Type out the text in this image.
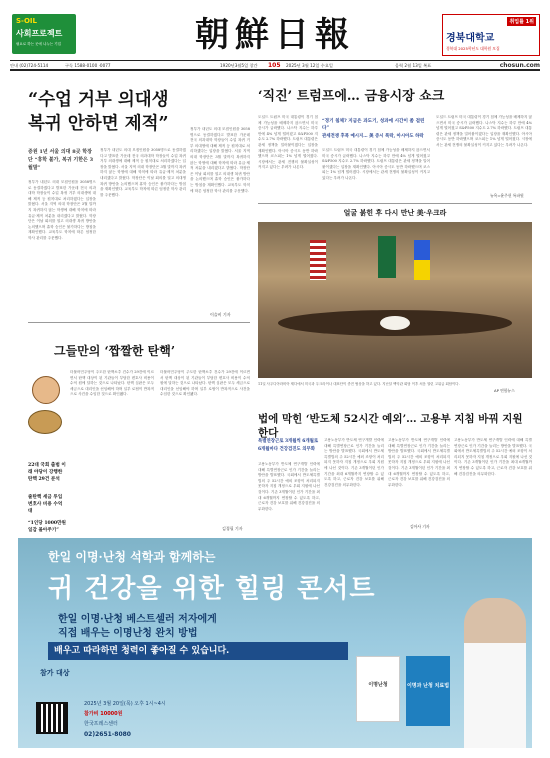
S-OIL
사회프로젝트
필요로 하는 곳에 나누는 기업	朝鮮日報	취업률 1위
경북대학교
경북대 2025학년도 대학원 모집
안내 (02)724-5114	구독 1588-0100 ·0077	1920년3월5일 창간 105 2025년 3월 12일 수요일	음력 2월 13일 복표	chosun.com
“수업 거부 의대생 복귀 안하면 제적”
증원 1년 서울 의대 8곳 학장단 “휴학 불가, 복귀 기한은 3월말”
정부가 내년도 의대 모집인원을 3058명으로 동결하겠다고 발표한 가운데 전국 의과대학 학장들이 수업 복귀 거부 의대생에 대해 제적 등 원칙대로 처리하겠다는 입장을 밝혔다. 서울 지역 의대 학장단은 3월 말까지 복귀하지 않는 학생에 대해 학칙에 따라 유급·제적 처분을 내리겠다고 밝혔다. 학장단은 이날 회의를 열고 의대생 복귀 방안을 논의했으며 휴학 승인은 불가하다는 방침을 재확인했다. 교육부도 학칙에 따른 엄정한 학사 관리를 주문했다.
정부가 내년도 의대 모집인원을 3058명으로 동결하겠다고 발표한 가운데 전국 의과대학 학장들이 수업 복귀 거부 의대생에 대해 제적 등 원칙대로 처리하겠다는 입장을 밝혔다. 서울 지역 의대 학장단은 3월 말까지 복귀하지 않는 학생에 대해 학칙에 따라 유급·제적 처분을 내리겠다고 밝혔다. 학장단은 이날 회의를 열고 의대생 복귀 방안을 논의했으며 휴학 승인은 불가하다는 방침을 재확인했다. 교육부도 학칙에 따른 엄정한 학사 관리를 주문했다.
정부가 내년도 의대 모집인원을 3058명으로 동결하겠다고 발표한 가운데 전국 의과대학 학장들이 수업 복귀 거부 의대생에 대해 제적 등 원칙대로 처리하겠다는 입장을 밝혔다. 서울 지역 의대 학장단은 3월 말까지 복귀하지 않는 학생에 대해 학칙에 따라 유급·제적 처분을 내리겠다고 밝혔다. 학장단은 이날 회의를 열고 의대생 복귀 방안을 논의했으며 휴학 승인은 불가하다는 방침을 재확인했다. 교육부도 학칙에 따른 엄정한 학사 관리를 주문했다.
이슬비 기자
그들만의 ‘짭짤한 탄핵’
22대 국회 출범 이래 야당이 강행한 탄핵 29건 분석
줄탄핵 세금 투입 변호사 비용 수억대
“1인당 1000만원 일감 몰아주기”
더불어민주당이 주도한 탄핵소추 건수가 29건에 이르면서 탄핵 대상이 된 기관들이 부담한 변호사 비용이 수억 원에 달하는 것으로 나타났다. 탄핵 심판은 모두 세금으로 대리인을 선임해야 하며 일부 로펌이 반복적으로 사건을 수임한 것으로 확인됐다.
더불어민주당이 주도한 탄핵소추 건수가 29건에 이르면서 탄핵 대상이 된 기관들이 부담한 변호사 비용이 수억 원에 달하는 것으로 나타났다. 탄핵 심판은 모두 세금으로 대리인을 선임해야 하며 일부 로펌이 반복적으로 사건을 수임한 것으로 확인됐다.
김경필 기자
‘직진’ 트럼프에… 금융시장 쇼크
도널드 트럼프 미국 대통령이 경기 침체 가능성을 배제하지 않으면서 미국 증시가 급락했다. 나스닥 지수는 하루 만에 4% 넘게 떨어졌고 S&P500 지수도 2.7% 하락했다. 트럼프 대통령은 관세 정책을 밀어붙이겠다는 입장을 재확인했다. 아시아 증시도 동반 하락했으며 코스피는 1% 넘게 떨어졌다. 시장에서는 관세 전쟁의 불확실성이 커지고 있다는 우려가 나온다.
“경기 침체? 지금은 과도기, 성과에 시간이 좀 걸린다”
관세전쟁 후폭 예시지… 美 증시 폭락, 아시아도 하락
도널드 트럼프 미국 대통령이 경기 침체 가능성을 배제하지 않으면서 미국 증시가 급락했다. 나스닥 지수는 하루 만에 4% 넘게 떨어졌고 S&P500 지수도 2.7% 하락했다. 트럼프 대통령은 관세 정책을 밀어붙이겠다는 입장을 재확인했다. 아시아 증시도 동반 하락했으며 코스피는 1% 넘게 떨어졌다. 시장에서는 관세 전쟁의 불확실성이 커지고 있다는 우려가 나온다.
도널드 트럼프 미국 대통령이 경기 침체 가능성을 배제하지 않으면서 미국 증시가 급락했다. 나스닥 지수는 하루 만에 4% 넘게 떨어졌고 S&P500 지수도 2.7% 하락했다. 트럼프 대통령은 관세 정책을 밀어붙이겠다는 입장을 재확인했다. 아시아 증시도 동반 하락했으며 코스피는 1% 넘게 떨어졌다. 시장에서는 관세 전쟁의 불확실성이 커지고 있다는 우려가 나온다.
뉴욕=윤주헌 특파원
얼굴 붉힌 후 다시 만난 美·우크라
11일 사우디아라비아 제다에서 미국과 우크라이나 대표단이 종전 협상을 하고 있다. 지난달 백악관 회담 이후 처음 열린 고위급 회담이다.
AP 연합뉴스
법에 막힌 ‘반도체 52시간 예외’… 고용부 지침 바꿔 지원한다
특별연장근로 3개월씩 6개월로
6개월마다 건강검진도 의무화
고용노동부가 반도체 연구개발 인력에 대해 특별연장근로 인가 기간을 늘리는 방안을 발표했다. 국회에서 반도체특별법의 주 52시간 예외 조항이 처리되지 못하자 지침 개정으로 우회 지원에 나선 것이다. 기존 3개월이던 인가 기간을 최대 6개월까지 연장할 수 있도록 하고, 근로자 건강 보호를 위해 건강검진을 의무화한다.
고용노동부가 반도체 연구개발 인력에 대해 특별연장근로 인가 기간을 늘리는 방안을 발표했다. 국회에서 반도체특별법의 주 52시간 예외 조항이 처리되지 못하자 지침 개정으로 우회 지원에 나선 것이다. 기존 3개월이던 인가 기간을 최대 6개월까지 연장할 수 있도록 하고, 근로자 건강 보호를 위해 건강검진을 의무화한다.
고용노동부가 반도체 연구개발 인력에 대해 특별연장근로 인가 기간을 늘리는 방안을 발표했다. 국회에서 반도체특별법의 주 52시간 예외 조항이 처리되지 못하자 지침 개정으로 우회 지원에 나선 것이다. 기존 3개월이던 인가 기간을 최대 6개월까지 연장할 수 있도록 하고, 근로자 건강 보호를 위해 건강검진을 의무화한다.
고용노동부가 반도체 연구개발 인력에 대해 특별연장근로 인가 기간을 늘리는 방안을 발표했다. 국회에서 반도체특별법의 주 52시간 예외 조항이 처리되지 못하자 지침 개정으로 우회 지원에 나선 것이다. 기존 3개월이던 인가 기간을 최대 6개월까지 연장할 수 있도록 하고, 근로자 건강 보호를 위해 건강검진을 의무화한다.
김아사 기자
한일 이명·난청 석학과 함께하는
귀 건강을 위한 힐링 콘서트
한일 이명·난청 베스트셀러 저자에게
직접 배우는 이명난청 완치 방법
배우고 따라하면 청력이 좋아질 수 있습니다.
참가 대상
2025년 3월 20일(목) 오후 1시~4시
참가비 10000원
한국프레스센터
02)2651-8080
이명난청	이명과 난청 치료법
